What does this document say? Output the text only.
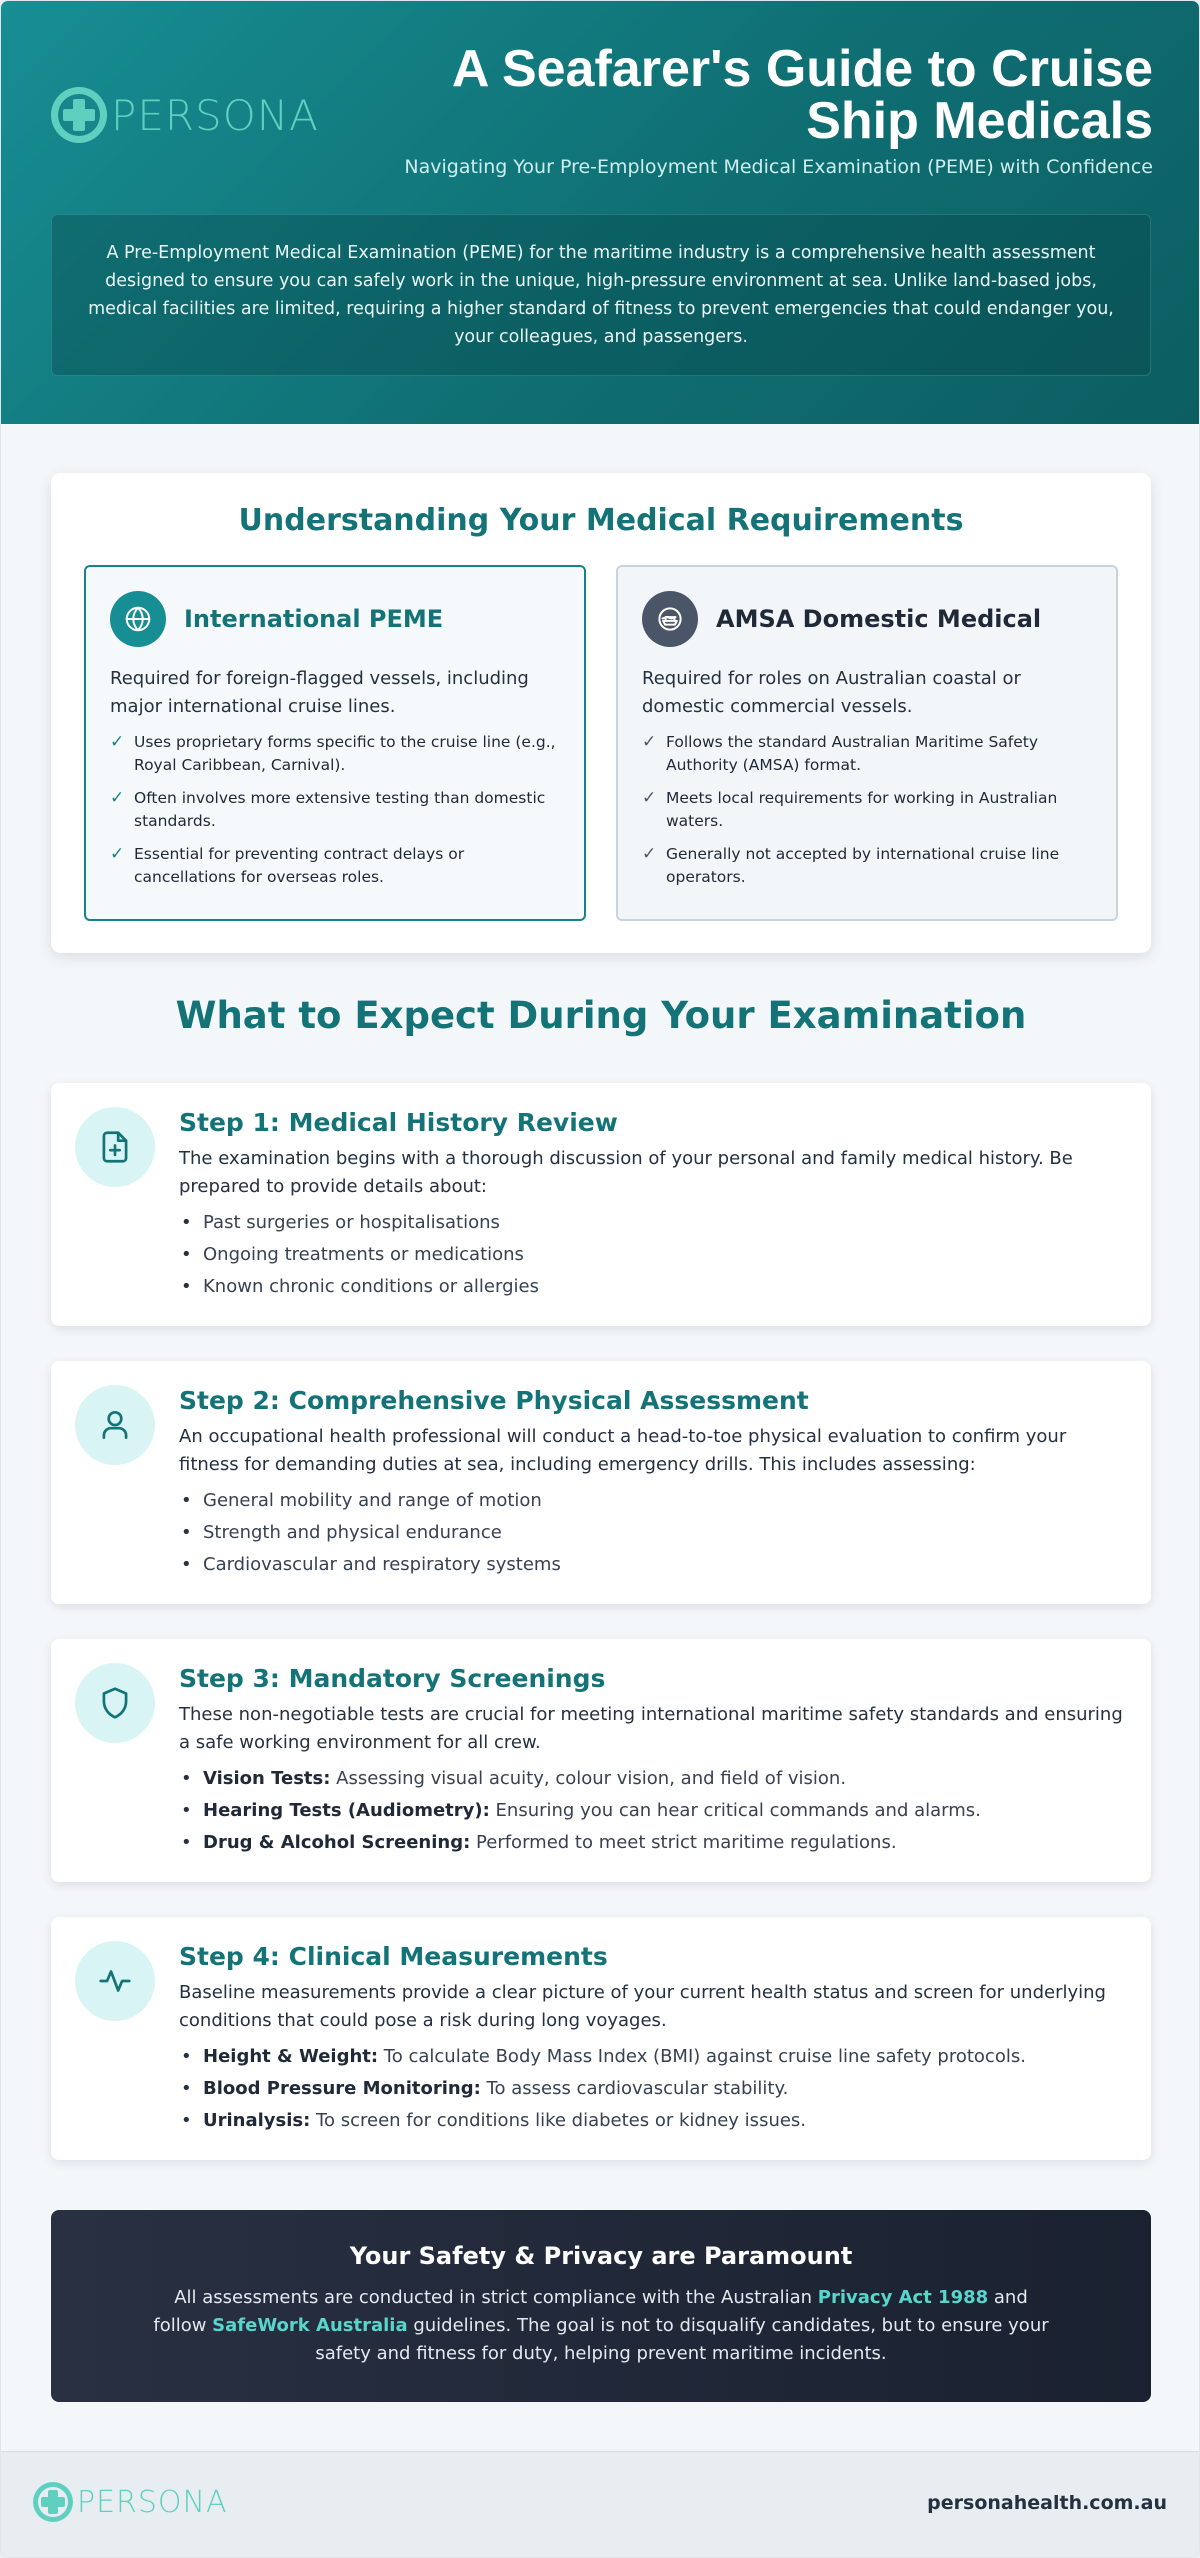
PERSONA
A Seafarer's Guide to Cruise Ship Medicals
Navigating Your Pre-Employment Medical Examination (PEME) with Confidence
A Pre-Employment Medical Examination (PEME) for the maritime industry is a comprehensive health assessment designed to ensure you can safely work in the unique, high-pressure environment at sea. Unlike land-based jobs, medical facilities are limited, requiring a higher standard of fitness to prevent emergencies that could endanger you, your colleagues, and passengers.
Understanding Your Medical Requirements
International PEME

Required for foreign-flagged vessels, including major international cruise lines.

✓ Uses proprietary forms specific to the cruise line (e.g., Royal Caribbean, Carnival).
✓ Often involves more extensive testing than domestic standards.
✓ Essential for preventing contract delays or cancellations for overseas roles.
AMSA Domestic Medical

Required for roles on Australian coastal or domestic commercial vessels.

✓ Follows the standard Australian Maritime Safety Authority (AMSA) format.
✓ Meets local requirements for working in Australian waters.
✓ Generally not accepted by international cruise line operators.
What to Expect During Your Examination
Step 1: Medical History Review

The examination begins with a thorough discussion of your personal and family medical history. Be prepared to provide details about:

• Past surgeries or hospitalisations
• Ongoing treatments or medications
• Known chronic conditions or allergies
Step 2: Comprehensive Physical Assessment

An occupational health professional will conduct a head-to-toe physical evaluation to confirm your fitness for demanding duties at sea, including emergency drills. This includes assessing:

• General mobility and range of motion
• Strength and physical endurance
• Cardiovascular and respiratory systems
Step 3: Mandatory Screenings

These non-negotiable tests are crucial for meeting international maritime safety standards and ensuring a safe working environment for all crew.

• Vision Tests: Assessing visual acuity, colour vision, and field of vision.
• Hearing Tests (Audiometry): Ensuring you can hear critical commands and alarms.
• Drug & Alcohol Screening: Performed to meet strict maritime regulations.
Step 4: Clinical Measurements

Baseline measurements provide a clear picture of your current health status and screen for underlying conditions that could pose a risk during long voyages.

• Height & Weight: To calculate Body Mass Index (BMI) against cruise line safety protocols.
• Blood Pressure Monitoring: To assess cardiovascular stability.
• Urinalysis: To screen for conditions like diabetes or kidney issues.
Your Safety & Privacy are Paramount

All assessments are conducted in strict compliance with the Australian Privacy Act 1988 and follow SafeWork Australia guidelines. The goal is not to disqualify candidates, but to ensure your safety and fitness for duty, helping prevent maritime incidents.

PERSONA	personahealth.com.au
